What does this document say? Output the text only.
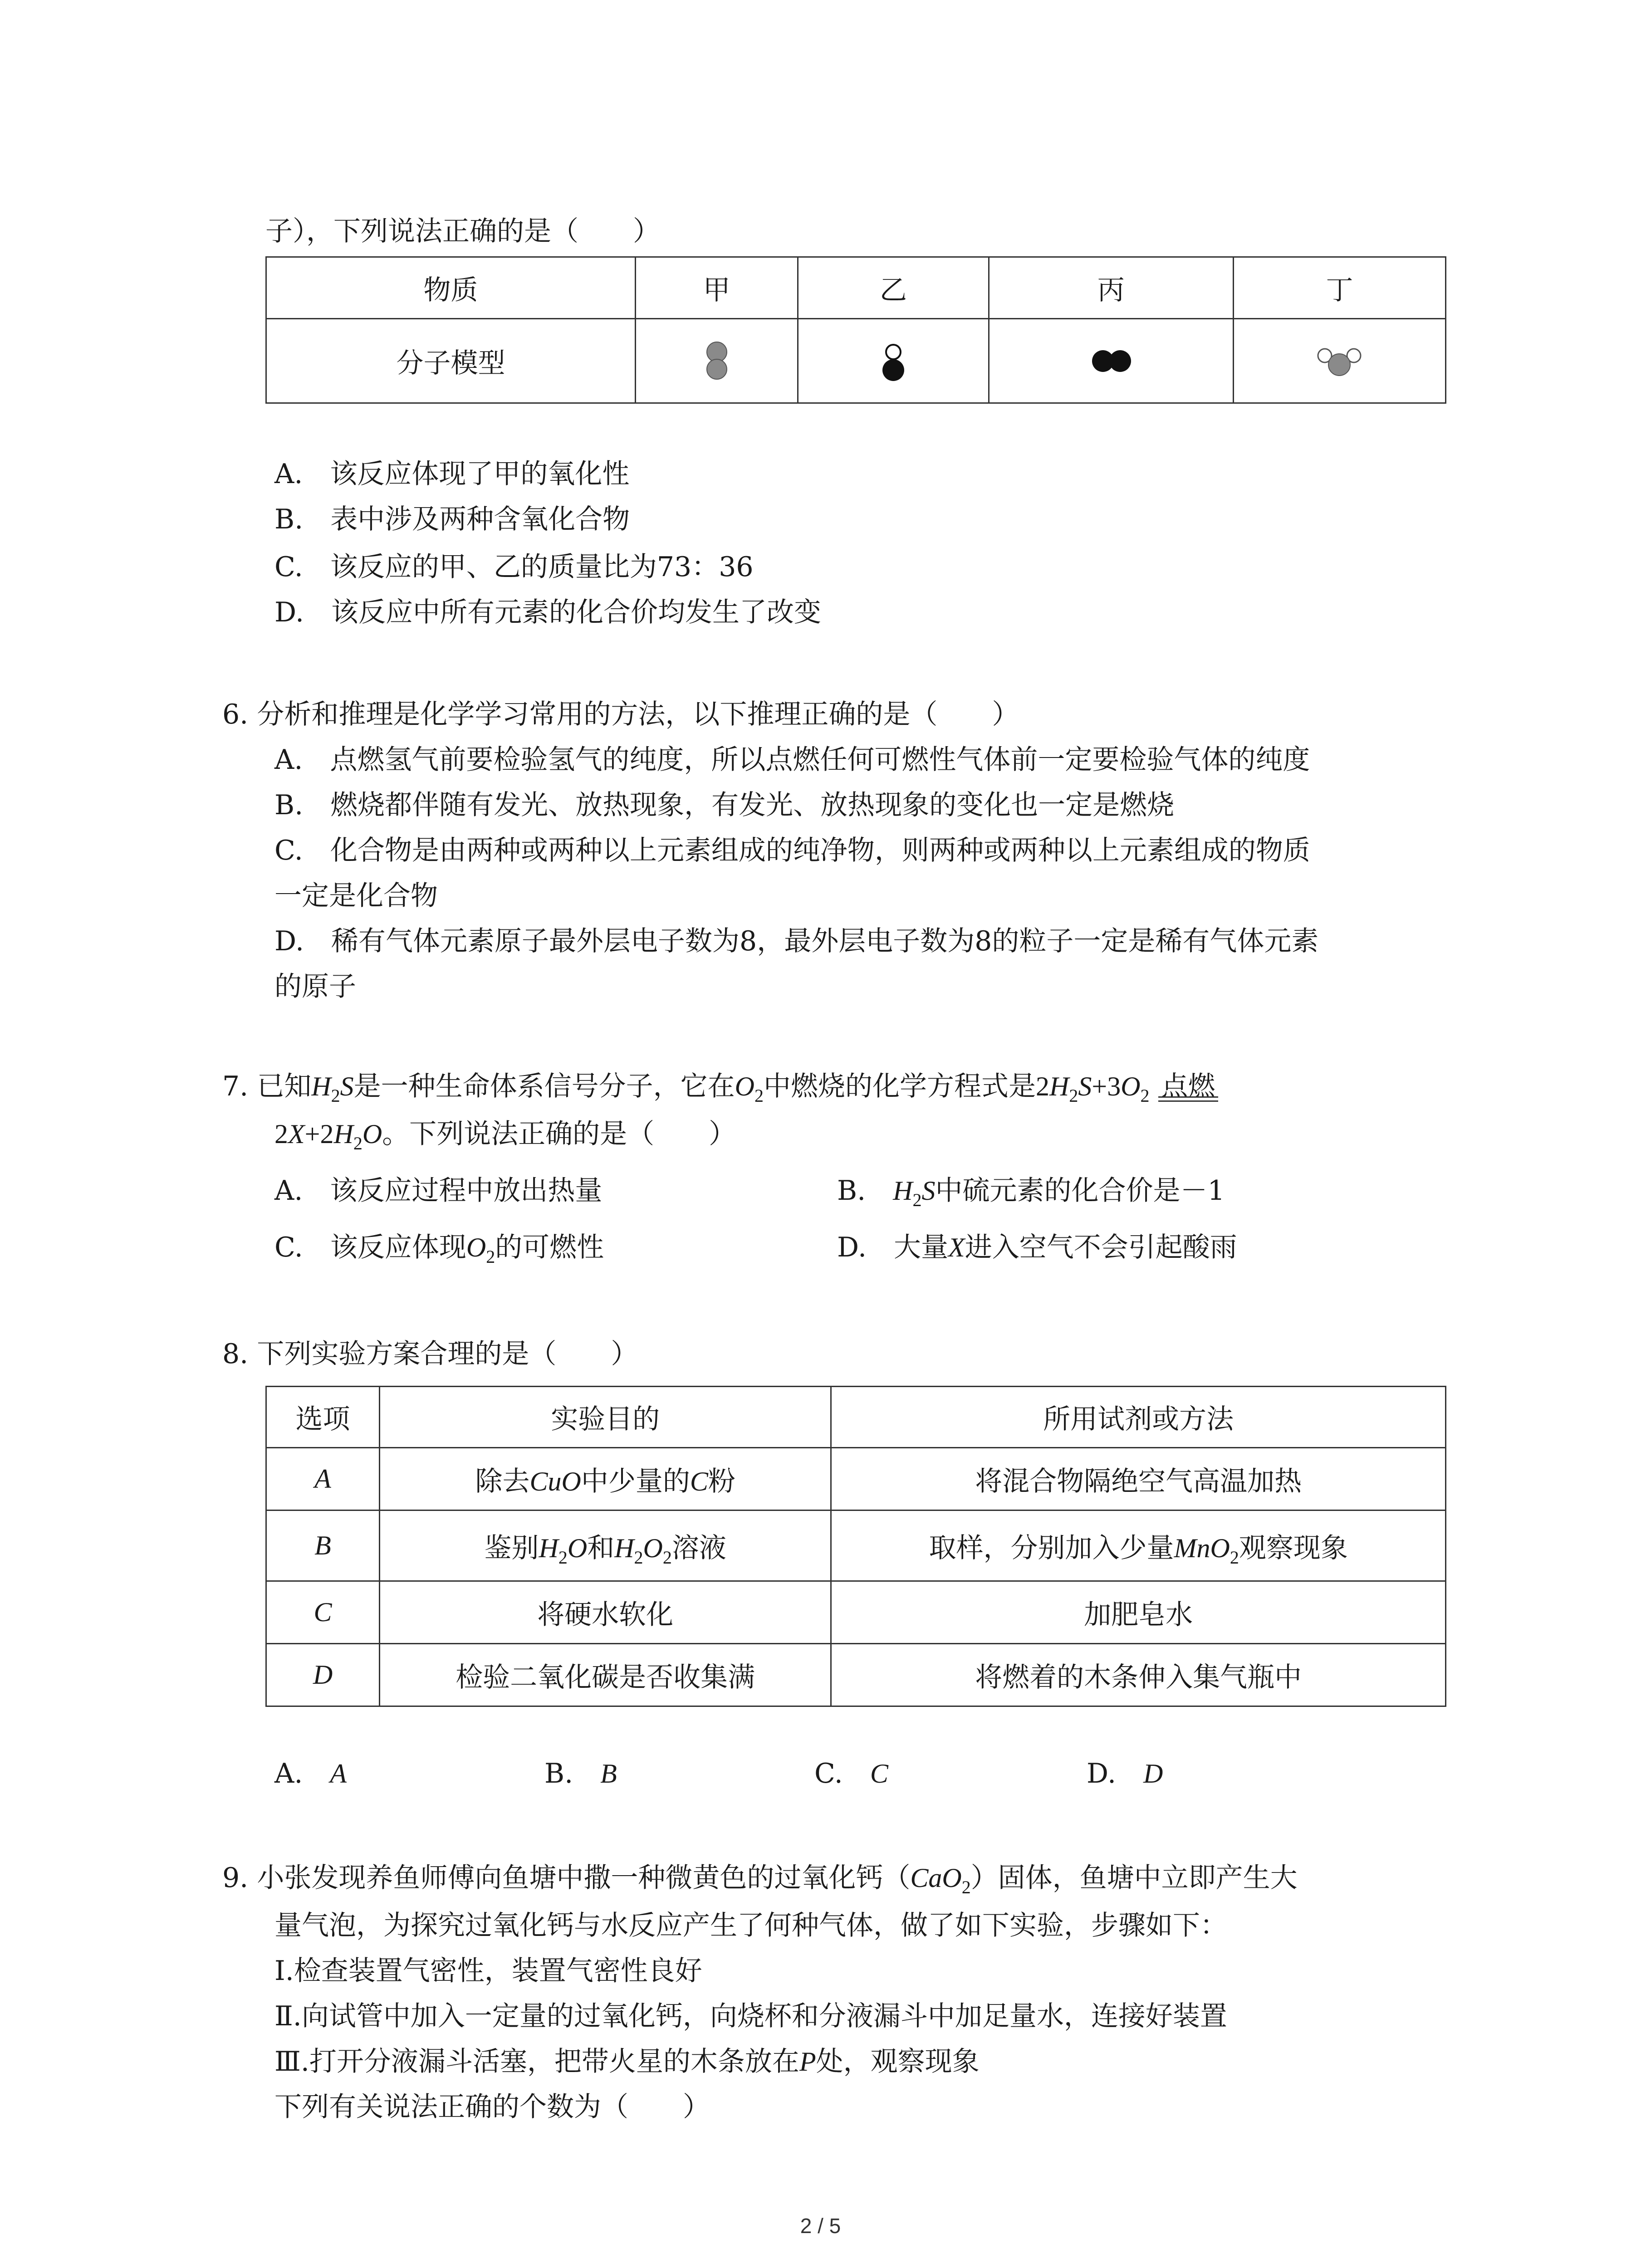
子），下列说法正确的是（　　）
物质	甲	乙	丙	丁
分子模型	

A.　该反应体现了甲的氧化性
B.　表中涉及两种含氧化合物
C.　该反应的甲、乙的质量比为73：36
D.　该反应中所有元素的化合价均发生了改变
6. 分析和推理是化学学习常用的方法，以下推理正确的是（　　）
A.　点燃氢气前要检验氢气的纯度，所以点燃任何可燃性气体前一定要检验气体的纯度
B.　燃烧都伴随有发光、放热现象，有发光、放热现象的变化也一定是燃烧
C.　化合物是由两种或两种以上元素组成的纯净物，则两种或两种以上元素组成的物质
一定是化合物
D.　稀有气体元素原子最外层电子数为8，最外层电子数为8的粒子一定是稀有气体元素
的原子
7. 已知$H_2S$是一种生命体系信号分子，它在$O_2$中燃烧的化学方程式是$2H_2S+3O_2$ 点燃
$2X+2H_2O$。下列说法正确的是（　　）
A.　该反应过程中放出热量	B.　$H_2S$中硫元素的化合价是－1
C.　该反应体现$O_2$的可燃性	D.　大量X进入空气不会引起酸雨
8. 下列实验方案合理的是（　　）
选项	实验目的	所用试剂或方法
A	除去CuO中少量的C粉	将混合物隔绝空气高温加热
B	鉴别$H_2O$和$H_2O_2$溶液	取样，分别加入少量MnO$_2$观察现象
C	将硬水软化	加肥皂水
D	检验二氧化碳是否收集满	将燃着的木条伸入集气瓶中
A.　A	B.　B	C.　C	D.　D
9. 小张发现养鱼师傅向鱼塘中撒一种微黄色的过氧化钙（CaO$_2$）固体，鱼塘中立即产生大
量气泡，为探究过氧化钙与水反应产生了何种气体，做了如下实验，步骤如下：
Ⅰ.检查装置气密性，装置气密性良好
Ⅱ.向试管中加入一定量的过氧化钙，向烧杯和分液漏斗中加足量水，连接好装置
Ⅲ.打开分液漏斗活塞，把带火星的木条放在P处，观察现象
下列有关说法正确的个数为（　　）
2 / 5
